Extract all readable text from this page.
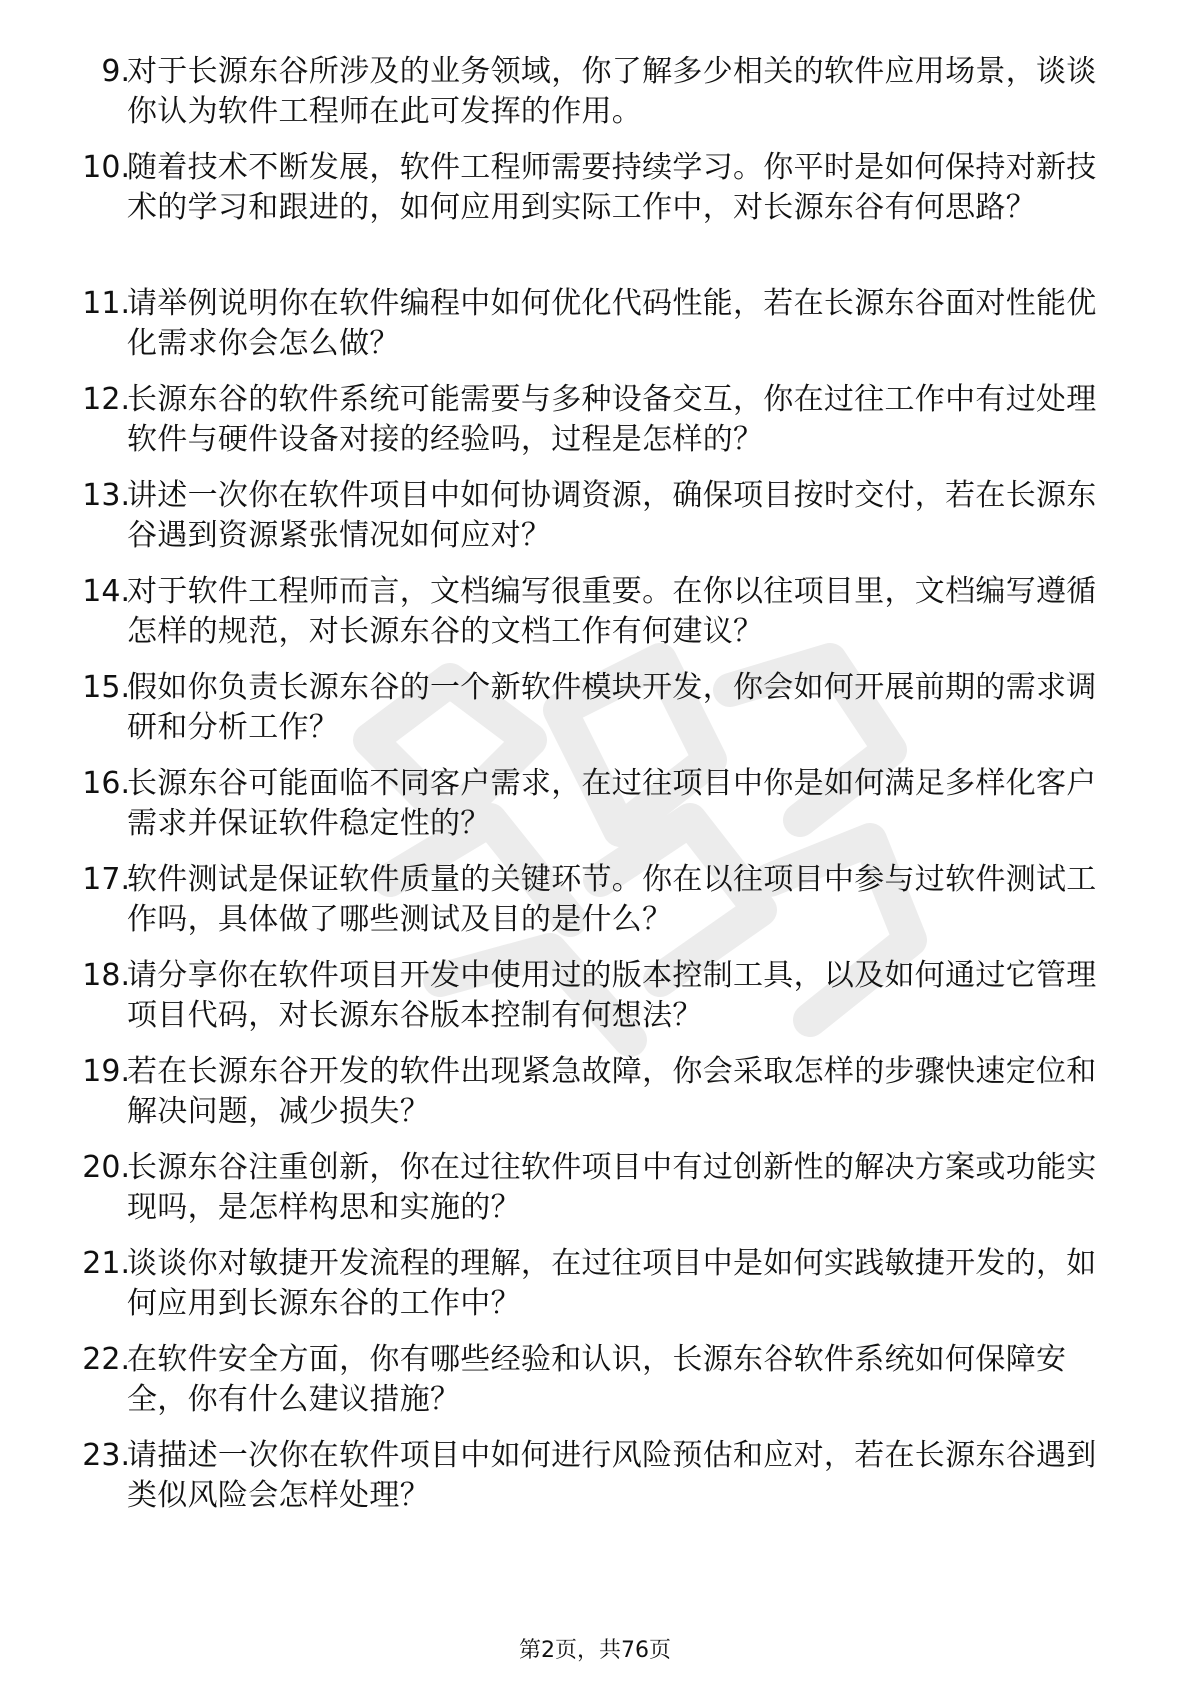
9.
对于长源东谷所涉及的业务领域，你了解多少相关的软件应用场景，谈谈你认为软件工程师在此可发挥的作用。
10.
随着技术不断发展，软件工程师需要持续学习。你平时是如何保持对新技术的学习和跟进的，如何应用到实际工作中，对长源东谷有何思路？
11.
请举例说明你在软件编程中如何优化代码性能，若在长源东谷面对性能优化需求你会怎么做？
12.
长源东谷的软件系统可能需要与多种设备交互，你在过往工作中有过处理软件与硬件设备对接的经验吗，过程是怎样的？
13.
讲述一次你在软件项目中如何协调资源，确保项目按时交付，若在长源东谷遇到资源紧张情况如何应对？
14.
对于软件工程师而言，文档编写很重要。在你以往项目里，文档编写遵循怎样的规范，对长源东谷的文档工作有何建议？
15.
假如你负责长源东谷的一个新软件模块开发，你会如何开展前期的需求调研和分析工作？
16.
长源东谷可能面临不同客户需求，在过往项目中你是如何满足多样化客户需求并保证软件稳定性的？
17.
软件测试是保证软件质量的关键环节。你在以往项目中参与过软件测试工作吗，具体做了哪些测试及目的是什么？
18.
请分享你在软件项目开发中使用过的版本控制工具，以及如何通过它管理项目代码，对长源东谷版本控制有何想法？
19.
若在长源东谷开发的软件出现紧急故障，你会采取怎样的步骤快速定位和解决问题，减少损失？
20.
长源东谷注重创新，你在过往软件项目中有过创新性的解决方案或功能实现吗，是怎样构思和实施的？
21.
谈谈你对敏捷开发流程的理解，在过往项目中是如何实践敏捷开发的，如何应用到长源东谷的工作中？
22.
在软件安全方面，你有哪些经验和认识，长源东谷软件系统如何保障安全，你有什么建议措施？
23.
请描述一次你在软件项目中如何进行风险预估和应对，若在长源东谷遇到类似风险会怎样处理？
第2页，共76页
